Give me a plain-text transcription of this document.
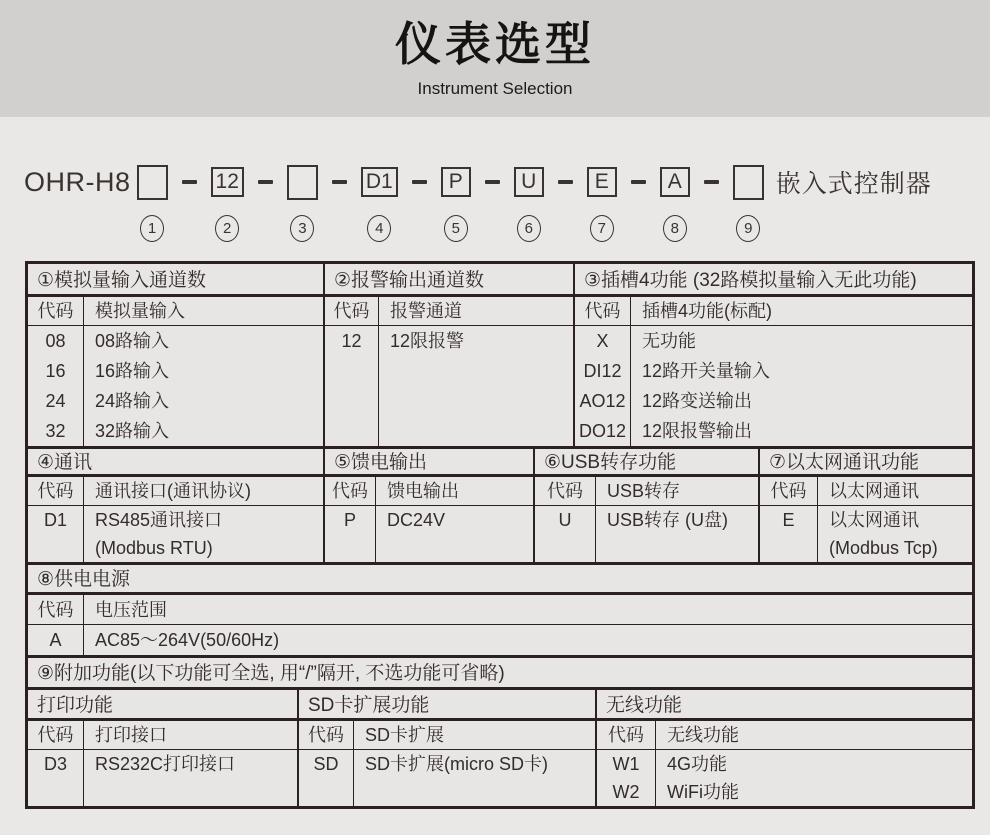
仪表选型
Instrument Selection
OHR-H8
1
12
2	3
D1
4
P
5
U
6
E
7
A
8	9
嵌入式控制器
①模拟量输入通道数
代码
08
16
24
32
模拟量输入
08路输入
16路输入
24路输入
32路输入
②报警输出通道数
代码
12
报警通道
12限报警
③插槽4功能 (32路模拟量输入无此功能)
代码
X
DI12
AO12
DO12
插槽4功能(标配)
无功能
12路开关量输入
12路变送输出
12限报警输出
④通讯
代码
D1
通讯接口(通讯协议)
RS485通讯接口
(Modbus RTU)
⑤馈电输出
代码
P
馈电输出
DC24V
⑥USB转存功能
代码
U
USB转存
USB转存 (U盘)
⑦以太网通讯功能
代码
E
以太网通讯
以太网通讯
(Modbus Tcp)
⑧供电电源
代码
A
电压范围
AC85～264V(50/60Hz)
⑨附加功能(以下功能可全选, 用“/”隔开, 不选功能可省略)
打印功能
代码
D3
打印接口
RS232C打印接口
SD卡扩展功能
代码
SD
SD卡扩展
SD卡扩展(micro SD卡)
无线功能
代码
W1
W2
无线功能
4G功能
WiFi功能
